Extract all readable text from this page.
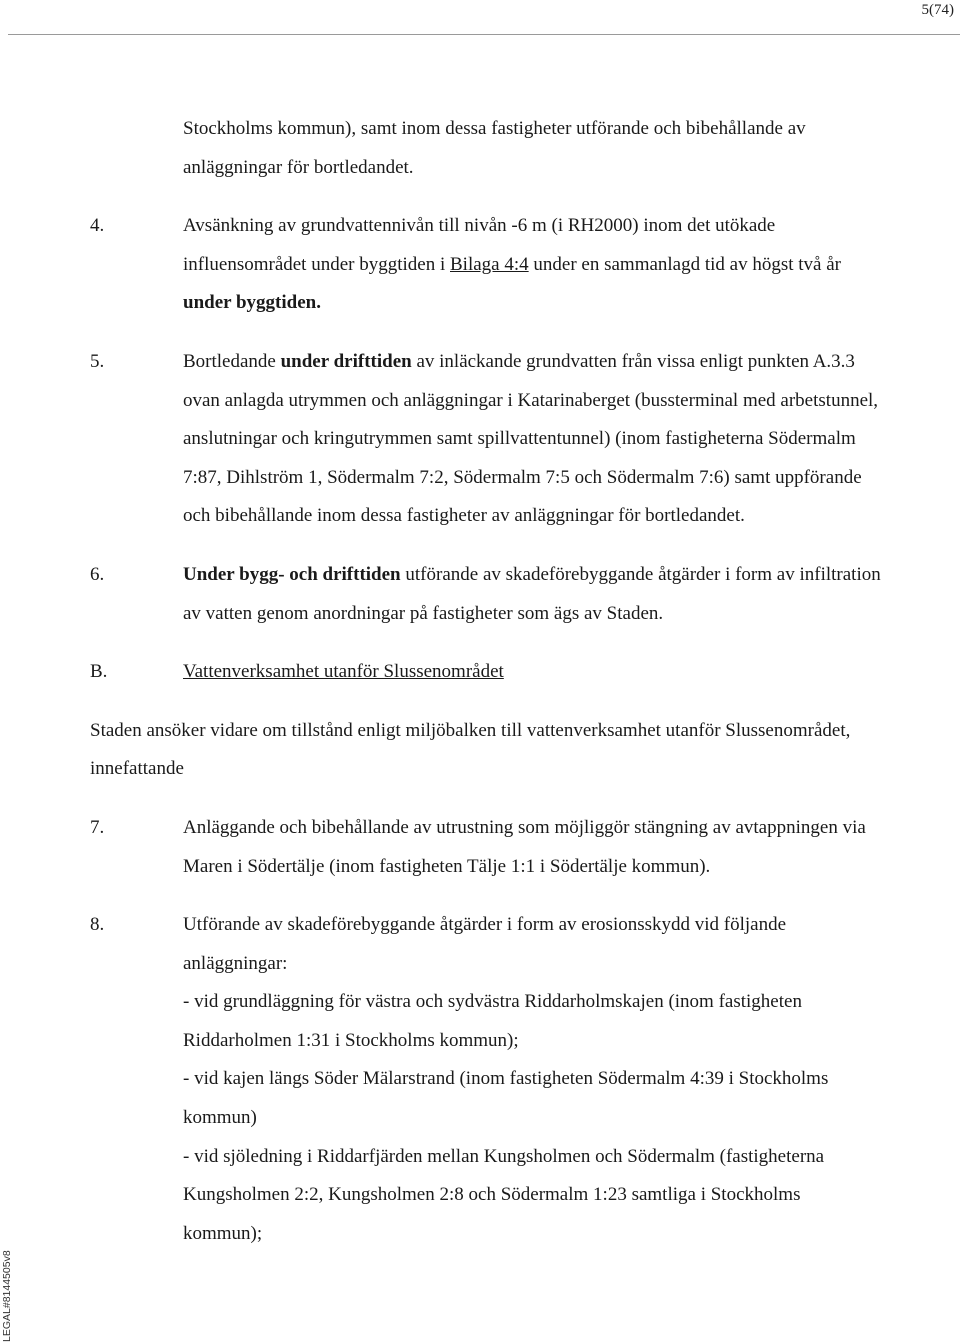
5(74)

Stockholms kommun), samt inom dessa fastigheter utförande och bibehållande av anläggningar för bortledandet.

4.	Avsänkning av grundvattennivån till nivån -6 m (i RH2000) inom det utökade influensområdet under byggtiden i Bilaga 4:4 under en sammanlagd tid av högst två år under byggtiden.

5.	Bortledande under drifttiden av inläckande grundvatten från vissa enligt punkten A.3.3 ovan anlagda utrymmen och anläggningar i Katarinaberget (bussterminal med arbetstunnel, anslutningar och kringutrymmen samt spillvattentunnel) (inom fastigheterna Södermalm 7:87, Dihlström 1, Södermalm 7:2, Södermalm 7:5 och Södermalm 7:6) samt uppförande och bibehållande inom dessa fastigheter av anläggningar för bortledandet.

6.	Under bygg- och drifttiden utförande av skadeförebyggande åtgärder i form av infiltration av vatten genom anordningar på fastigheter som ägs av Staden.

B.	Vattenverksamhet utanför Slussenområdet

Staden ansöker vidare om tillstånd enligt miljöbalken till vattenverksamhet utanför Slussenområdet, innefattande

7.	Anläggande och bibehållande av utrustning som möjliggör stängning av avtappningen via Maren i Södertälje (inom fastigheten Tälje 1:1 i Södertälje kommun).

8.	Utförande av skadeförebyggande åtgärder i form av erosionsskydd vid följande anläggningar:

- vid grundläggning för västra och sydvästra Riddarholmskajen (inom fastigheten Riddarholmen 1:31 i Stockholms kommun);

- vid kajen längs Söder Mälarstrand (inom fastigheten Södermalm 4:39 i Stockholms kommun)

- vid sjöledning i Riddarfjärden mellan Kungsholmen och Södermalm (fastigheterna Kungsholmen 2:2, Kungsholmen 2:8 och Södermalm 1:23 samtliga i Stockholms kommun);

LEGAL#8144505v8
